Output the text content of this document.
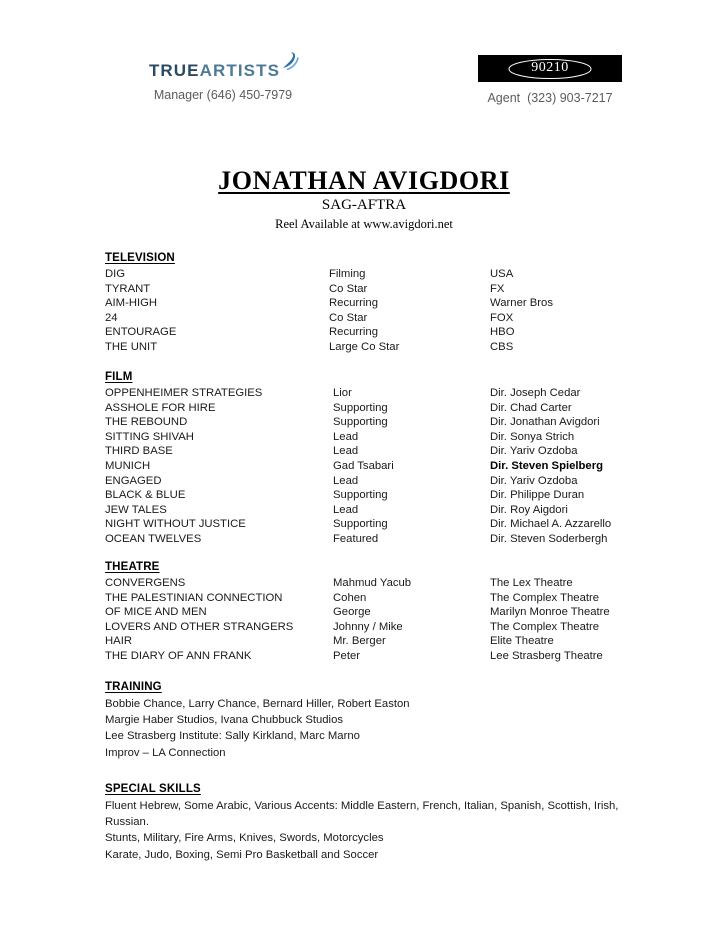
TRUEARTISTS
Manager (646) 450-7979
90210
Agent  (323) 903-7217
JONATHAN AVIGDORI
SAG-AFTRA
Reel Available at www.avigdori.net
TELEVISION
DIG	Filming	USA
TYRANT	Co Star	FX
AIM-HIGH	Recurring	Warner Bros
24	Co Star	FOX
ENTOURAGE	Recurring	HBO
THE UNIT	Large Co Star	CBS
FILM
OPPENHEIMER STRATEGIES	Lior	Dir. Joseph Cedar
ASSHOLE FOR HIRE	Supporting	Dir. Chad Carter
THE REBOUND	Supporting	Dir. Jonathan Avigdori
SITTING SHIVAH	Lead	Dir. Sonya Strich
THIRD BASE	Lead	Dir. Yariv Ozdoba
MUNICH	Gad Tsabari	Dir. Steven Spielberg
ENGAGED	Lead	Dir. Yariv Ozdoba
BLACK & BLUE	Supporting	Dir. Philippe Duran
JEW TALES	Lead	Dir. Roy Aigdori
NIGHT WITHOUT JUSTICE	Supporting	Dir. Michael A. Azzarello
OCEAN TWELVES	Featured	Dir. Steven Soderbergh
THEATRE
CONVERGENS	Mahmud Yacub	The Lex Theatre
THE PALESTINIAN CONNECTION	Cohen	The Complex Theatre
OF MICE AND MEN	George	Marilyn Monroe Theatre
LOVERS AND OTHER STRANGERS	Johnny / Mike	The Complex Theatre
HAIR	Mr. Berger	Elite Theatre
THE DIARY OF ANN FRANK	Peter	Lee Strasberg Theatre
TRAINING
Bobbie Chance, Larry Chance, Bernard Hiller, Robert Easton
Margie Haber Studios, Ivana Chubbuck Studios
Lee Strasberg Institute: Sally Kirkland, Marc Marno
Improv – LA Connection
SPECIAL SKILLS
Fluent Hebrew, Some Arabic, Various Accents: Middle Eastern, French, Italian, Spanish, Scottish, Irish, Russian.
Stunts, Military, Fire Arms, Knives, Swords, Motorcycles
Karate, Judo, Boxing, Semi Pro Basketball and Soccer
